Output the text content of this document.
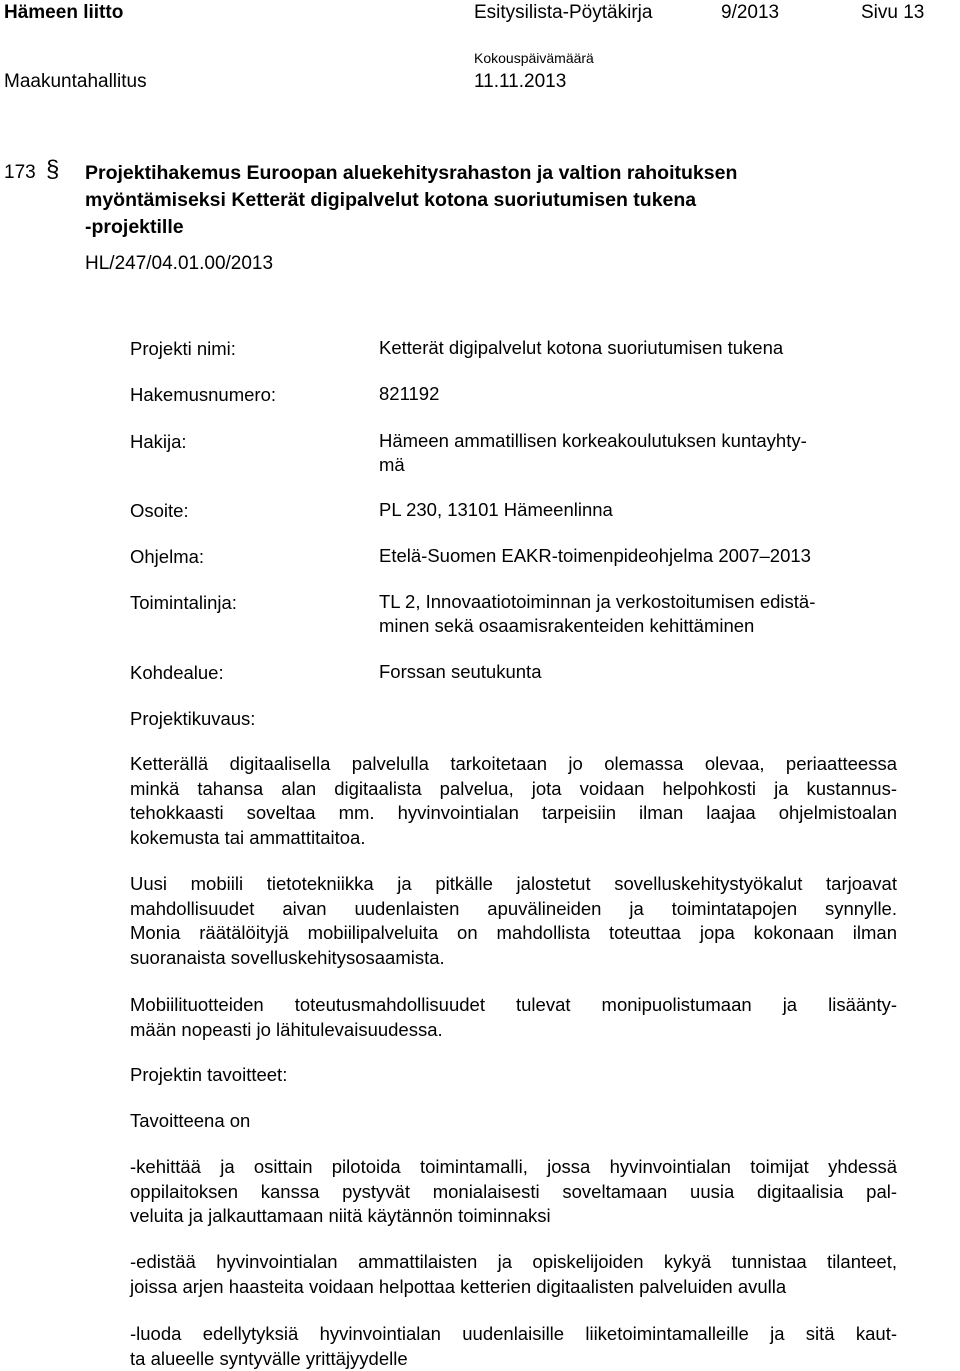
Hämeen liitto	Esitysilista-Pöytäkirja	9/2013	Sivu 13
Kokouspäivämäärä
Maakuntahallitus	11.11.2013
173 § Projektihakemus Euroopan aluekehitysrahaston ja valtion rahoituksen
myöntämiseksi Ketterät digipalvelut kotona suoriutumisen tukena
-projektille
HL/247/04.01.00/2013
Projekti nimi:	Ketterät digipalvelut kotona suoriutumisen tukena
Hakemusnumero:	821192
Hakija:	Hämeen ammatillisen korkeakoulutuksen kuntayhty-
mä
Osoite:	PL 230, 13101 Hämeenlinna
Ohjelma:	Etelä-Suomen EAKR-toimenpideohjelma 2007–2013
Toimintalinja:	TL 2, Innovaatiotoiminnan ja verkostoitumisen edistä-
minen sekä osaamisrakenteiden kehittäminen
Kohdealue:	Forssan seutukunta
Projektikuvaus:
Ketterällä digitaalisella palvelulla tarkoitetaan jo olemassa olevaa, periaatteessa
minkä tahansa alan digitaalista palvelua, jota voidaan helpohkosti ja kustannus-
tehokkaasti soveltaa mm. hyvinvointialan tarpeisiin ilman laajaa ohjelmistoalan
kokemusta tai ammattitaitoa.
Uusi mobiili tietotekniikka ja pitkälle jalostetut sovelluskehitystyökalut tarjoavat
mahdollisuudet aivan uudenlaisten apuvälineiden ja toimintatapojen synnylle.
Monia räätälöityjä mobiilipalveluita on mahdollista toteuttaa jopa kokonaan ilman
suoranaista sovelluskehitysosaamista.
Mobiilituotteiden toteutusmahdollisuudet tulevat monipuolistumaan ja lisäänty-
mään nopeasti jo lähitulevaisuudessa.
Projektin tavoitteet:
Tavoitteena on
-kehittää ja osittain pilotoida toimintamalli, jossa hyvinvointialan toimijat yhdessä
oppilaitoksen kanssa pystyvät monialaisesti soveltamaan uusia digitaalisia pal-
veluita ja jalkauttamaan niitä käytännön toiminnaksi
-edistää hyvinvointialan ammattilaisten ja opiskelijoiden kykyä tunnistaa tilanteet,
joissa arjen haasteita voidaan helpottaa ketterien digitaalisten palveluiden avulla
-luoda edellytyksiä hyvinvointialan uudenlaisille liiketoimintamalleille ja sitä kaut-
ta alueelle syntyvälle yrittäjyydelle
